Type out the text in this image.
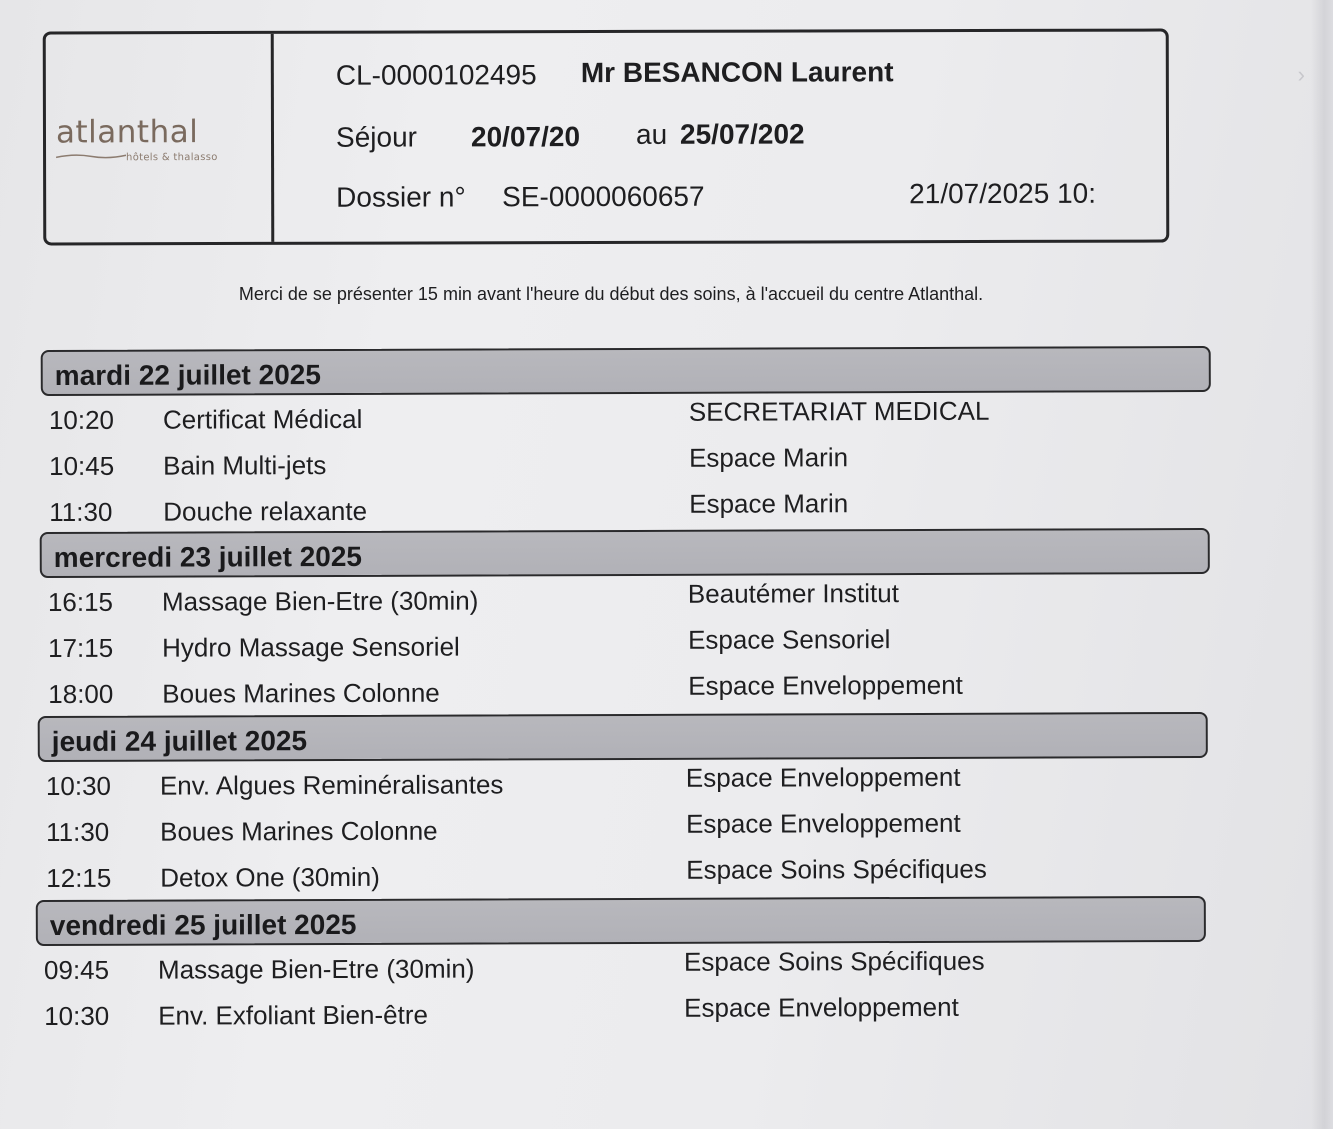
›
atlanthal
hôtels & thalasso
CL-0000102495 Mr BESANCON Laurent
Séjour 20/07/20 au 25/07/202
Dossier n° SE-0000060657	21/07/2025 10:
Merci de se présenter 15 min avant l'heure du début des soins, à l'accueil du centre Atlanthal.
mardi 22 juillet 2025
10:20 Certificat Médical	SECRETARIAT MEDICAL
10:45 Bain Multi-jets	Espace Marin
11:30 Douche relaxante	Espace Marin
mercredi 23 juillet 2025
16:15 Massage Bien-Etre (30min)	Beautémer Institut
17:15 Hydro Massage Sensoriel	Espace Sensoriel
18:00 Boues Marines Colonne	Espace Enveloppement
jeudi 24 juillet 2025
10:30 Env. Algues Reminéralisantes	Espace Enveloppement
11:30 Boues Marines Colonne	Espace Enveloppement
12:15 Detox One (30min)	Espace Soins Spécifiques
vendredi 25 juillet 2025
09:45 Massage Bien-Etre (30min)	Espace Soins Spécifiques
10:30 Env. Exfoliant Bien-être	Espace Enveloppement
